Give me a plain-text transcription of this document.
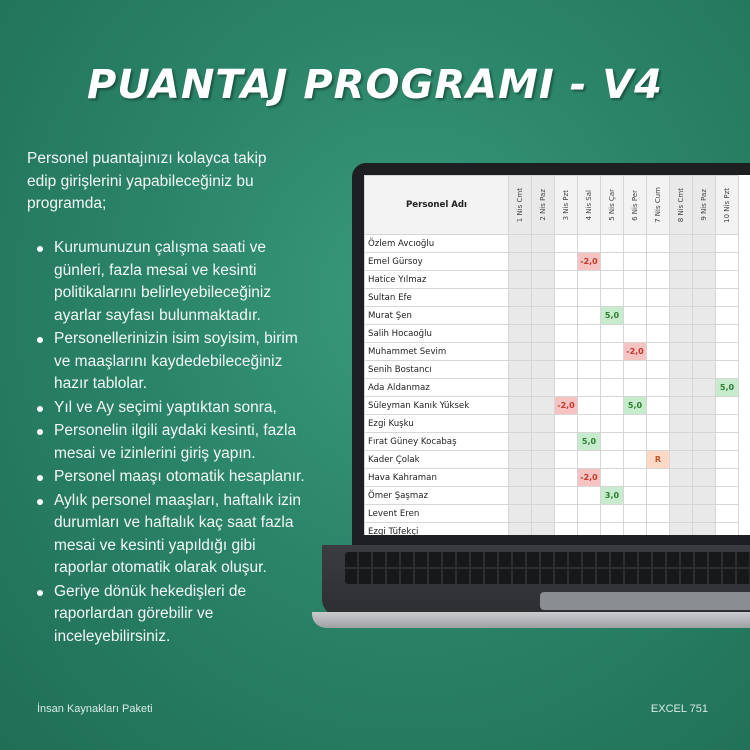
PUANTAJ PROGRAMI - V4
Personel puantajınızı kolayca takip edip girişlerini yapabileceğiniz bu programda;
Kurumunuzun çalışma saati ve günleri, fazla mesai ve kesinti politikalarını belirleyebileceğiniz ayarlar sayfası bulunmaktadır.
Personellerinizin isim soyisim, birim ve maaşlarını kaydedebileceğiniz hazır tablolar.
Yıl ve Ay seçimi yaptıktan sonra,
Personelin ilgili aydaki kesinti, fazla mesai ve izinlerini giriş yapın.
Personel maaşı otomatik hesaplanır.
Aylık personel maaşları, haftalık izin durumları ve haftalık kaç saat fazla mesai ve kesinti yapıldığı gibi raporlar otomatik olarak oluşur.
Geriye dönük hekedişleri de raporlardan görebilir ve inceleyebilirsiniz.
İnsan Kaynakları Paketi	EXCEL 751
Personel Adı	1 Nis Cmt	2 Nis Paz	3 Nis Pzt	4 Nis Sal	5 Nis Çar	6 Nis Per	7 Nis Cum	8 Nis Cmt	9 Nis Paz	10 Nis Pzt

Özlem Avcıoğlu										
Emel Gürsoy				-2,0						
Hatice Yılmaz										
Sultan Efe										
Murat Şen					5,0					
Salih Hocaoğlu										
Muhammet Sevim						-2,0				
Senih Bostancı										
Ada Aldanmaz										5,0
Süleyman Kanık Yüksek			-2,0			5,0				
Ezgi Kuşku										
Fırat Güney Kocabaş				5,0						
Kader Çolak							R			
Hava Kahraman				-2,0						
Ömer Şaşmaz					3,0					
Levent Eren										
Ezgi Tüfekçi										
